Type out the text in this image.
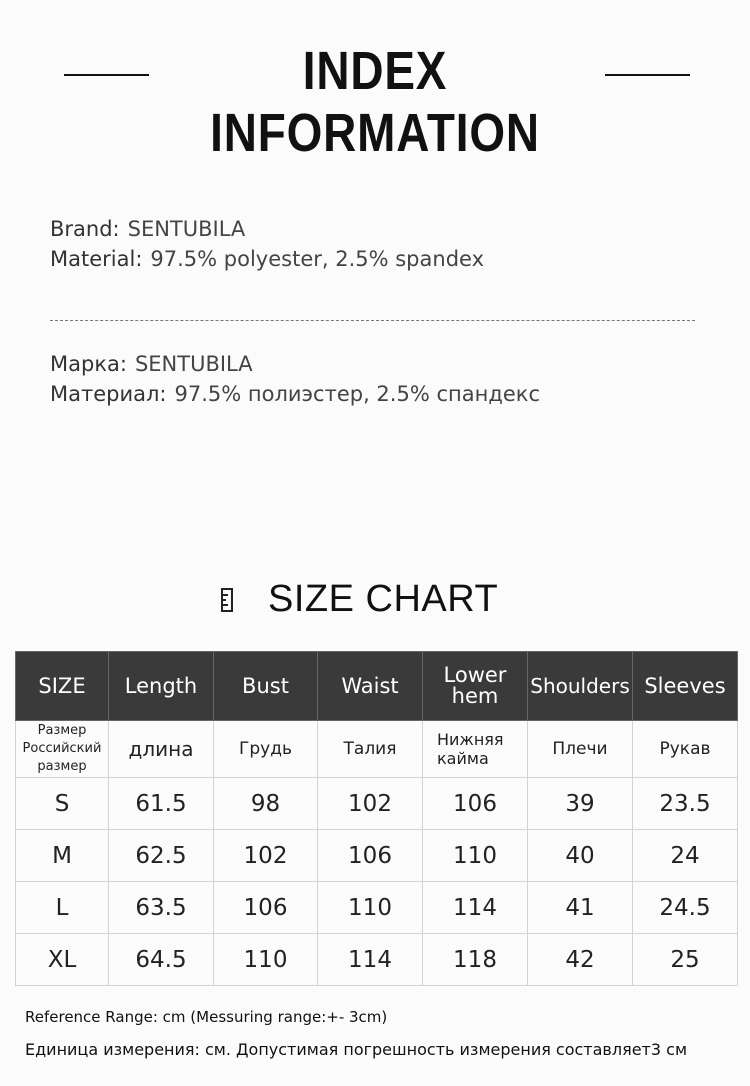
INDEX INFORMATION
Brand: SENTUBILA
Material: 97.5% polyester, 2.5% spandex
Марка: SENTUBILA
Материал: 97.5% полиэстер, 2.5% спандекс
SIZE CHART
SIZE	Length	Bust	Waist	Lower hem	Shoulders	Sleeves
Размер Российский размер	длина	Грудь	Талия	Нижняя кайма	Плечи	Рукав
S	61.5	98	102	106	39	23.5
M	62.5	102	106	110	40	24
L	63.5	106	110	114	41	24.5
XL	64.5	110	114	118	42	25
Reference Range: cm (Messuring range:+- 3cm)
Единица измерения: см. Допустимая погрешность измерения составляет3 см
